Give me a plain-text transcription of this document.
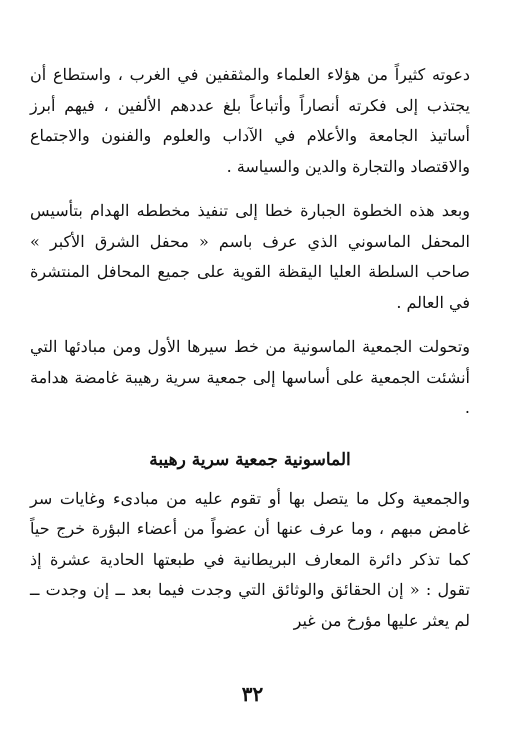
دعوته كثيراً من هؤلاء العلماء والمثقفين في الغرب ، واستطاع أن يجتذب إلى فكرته أنصاراً وأتباعاً بلغ عددهم الألفين ، فيهم أبرز أساتيذ الجامعة والأعلام في الآداب والعلوم والفنون والاجتماع والاقتصاد والتجارة والدين والسياسة .

وبعد هذه الخطوة الجبارة خطا إلى تنفيذ مخططه الهدام بتأسيس المحفل الماسوني الذي عرف باسم « محفل الشرق الأكبر » صاحب السلطة العليا اليقظة القوية على جميع المحافل المنتشرة في العالم .

وتحولت الجمعية الماسونية من خط سيرها الأول ومن مبادئها التي أنشئت الجمعية على أساسها إلى جمعية سرية رهيبة غامضة هدامة .

الماسونية جمعية سرية رهيبة

والجمعية وكل ما يتصل بها أو تقوم عليه من مبادىء وغايات سر غامض مبهم ، وما عرف عنها أن عضواً من أعضاء البؤرة خرج حياً كما تذكر دائرة المعارف البريطانية في طبعتها الحادية عشرة إذ تقول : « إن الحقائق والوثائق التي وجدت فيما بعد ــ إن وجدت ــ لم يعثر عليها مؤرخ من غير

٣٢
